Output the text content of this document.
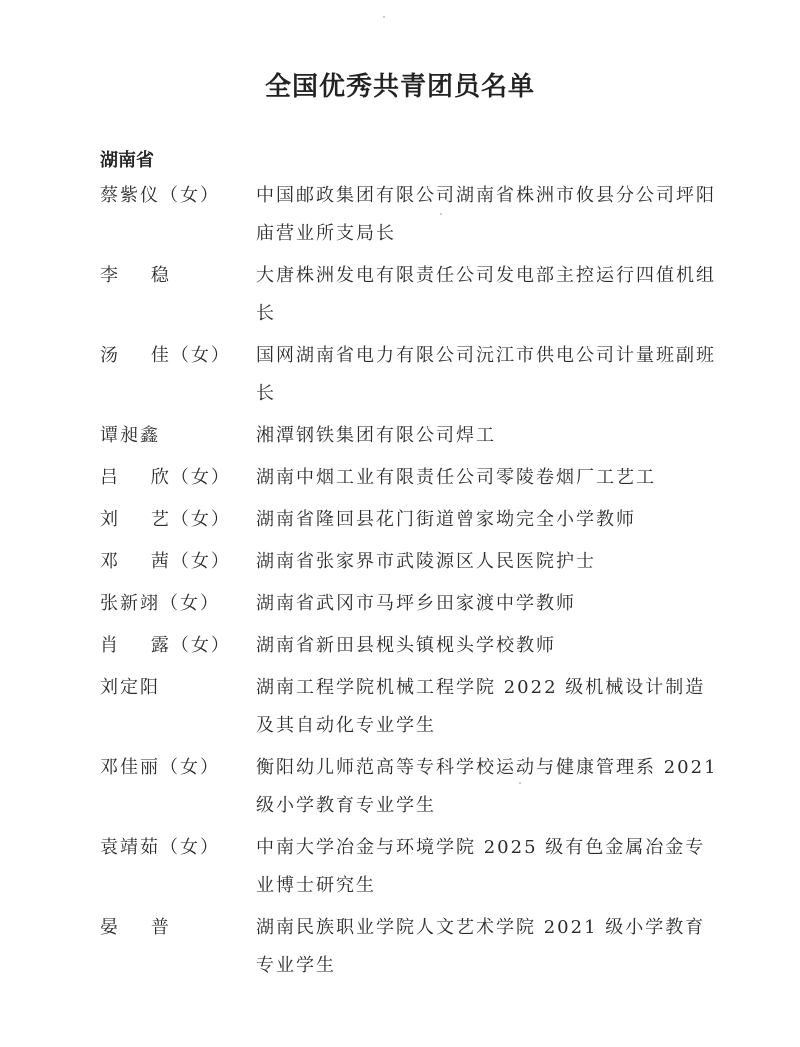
全国优秀共青团员名单
湖南省
蔡紫仪（女）	中国邮政集团有限公司湖南省株洲市攸县分公司坪阳庙营业所支局长
李    稳	大唐株洲发电有限责任公司发电部主控运行四值机组长
汤    佳（女）	国网湖南省电力有限公司沅江市供电公司计量班副班长
谭昶鑫	湘潭钢铁集团有限公司焊工
吕    欣（女）	湖南中烟工业有限责任公司零陵卷烟厂工艺工
刘    艺（女）	湖南省隆回县花门街道曾家坳完全小学教师
邓    茜（女）	湖南省张家界市武陵源区人民医院护士
张新翊（女）	湖南省武冈市马坪乡田家渡中学教师
肖    露（女）	湖南省新田县枧头镇枧头学校教师
刘定阳	湖南工程学院机械工程学院 2022 级机械设计制造及其自动化专业学生
邓佳丽（女）	衡阳幼儿师范高等专科学校运动与健康管理系 2021 级小学教育专业学生
袁靖茹（女）	中南大学冶金与环境学院 2025 级有色金属冶金专业博士研究生
晏    普	湖南民族职业学院人文艺术学院 2021 级小学教育专业学生
